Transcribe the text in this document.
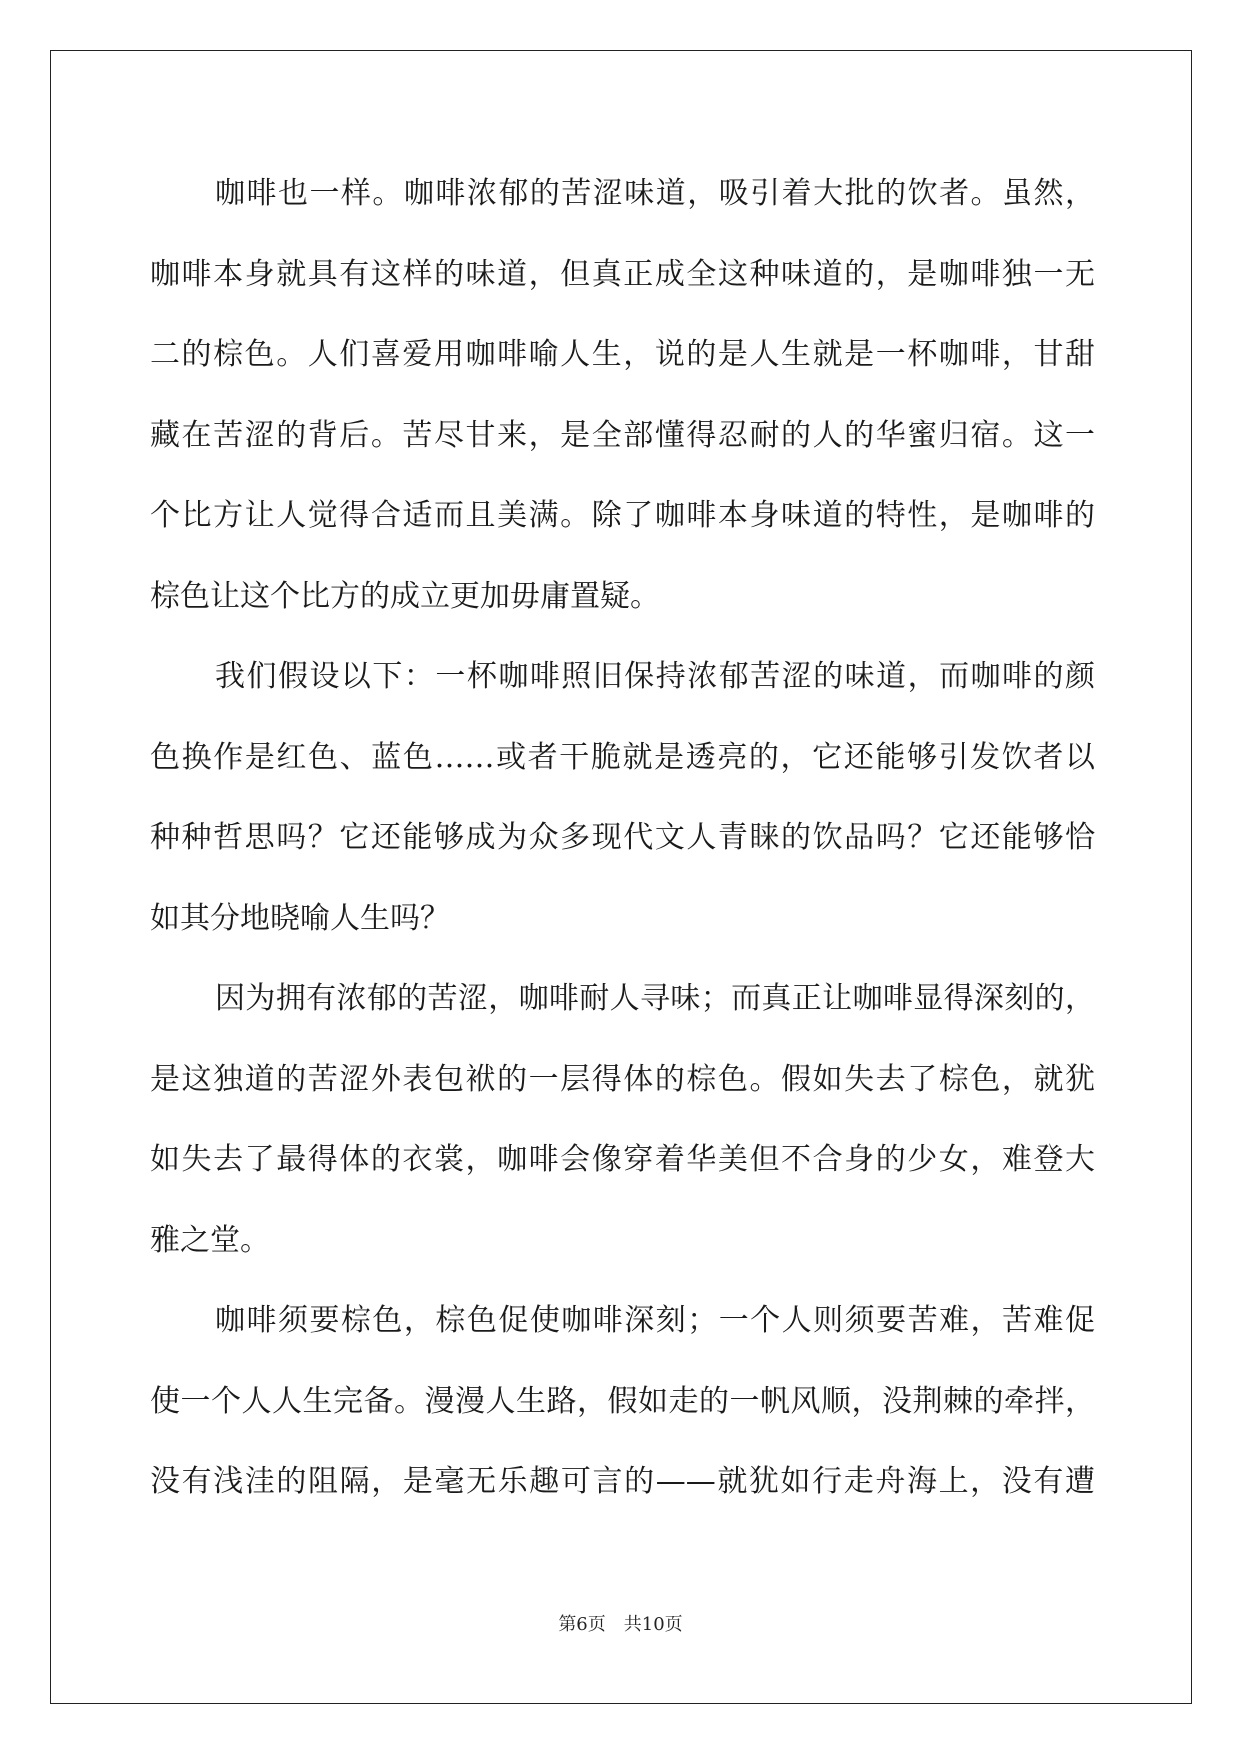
咖啡也一样。咖啡浓郁的苦涩味道，吸引着大批的饮者。虽然，
咖啡本身就具有这样的味道，但真正成全这种味道的，是咖啡独一无
二的棕色。人们喜爱用咖啡喻人生，说的是人生就是一杯咖啡，甘甜
藏在苦涩的背后。苦尽甘来，是全部懂得忍耐的人的华蜜归宿。这一
个比方让人觉得合适而且美满。除了咖啡本身味道的特性，是咖啡的
棕色让这个比方的成立更加毋庸置疑。
我们假设以下：一杯咖啡照旧保持浓郁苦涩的味道，而咖啡的颜
色换作是红色、蓝色……或者干脆就是透亮的，它还能够引发饮者以
种种哲思吗？它还能够成为众多现代文人青睐的饮品吗？它还能够恰
如其分地晓喻人生吗？
因为拥有浓郁的苦涩，咖啡耐人寻味；而真正让咖啡显得深刻的，
是这独道的苦涩外表包袱的一层得体的棕色。假如失去了棕色，就犹
如失去了最得体的衣裳，咖啡会像穿着华美但不合身的少女，难登大
雅之堂。
咖啡须要棕色，棕色促使咖啡深刻；一个人则须要苦难，苦难促
使一个人人生完备。漫漫人生路，假如走的一帆风顺，没荆棘的牵拌，
没有浅洼的阻隔，是毫无乐趣可言的——就犹如行走舟海上，没有遭
第6页 共10页
